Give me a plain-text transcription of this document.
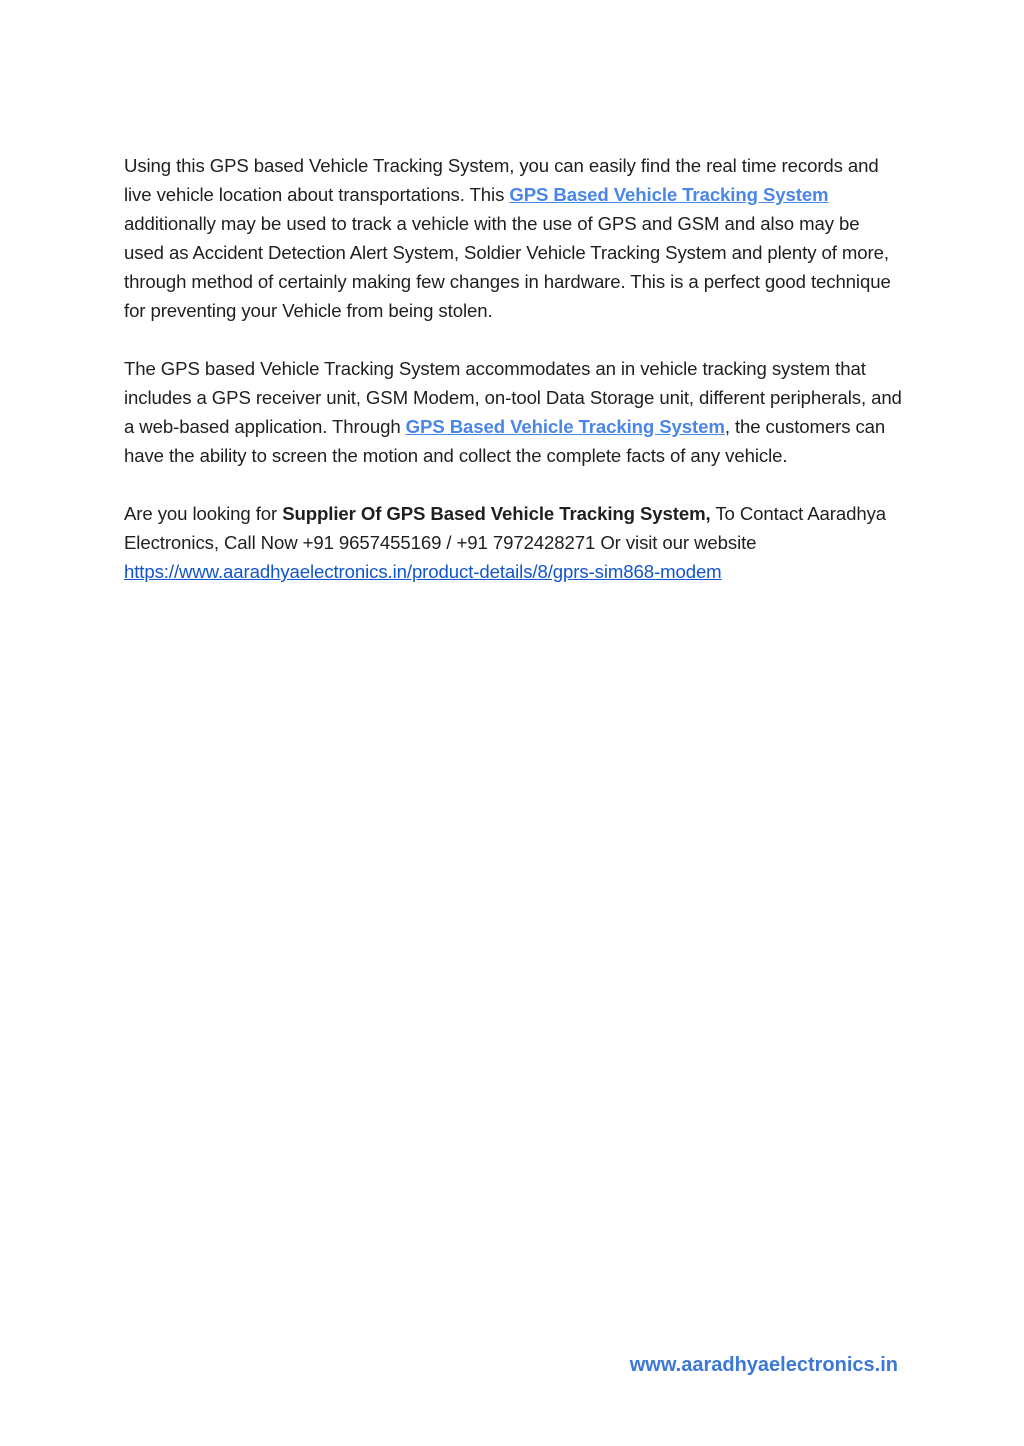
Using this GPS based Vehicle Tracking System, you can easily find the real time records and live vehicle location about transportations. This GPS Based Vehicle Tracking System additionally may be used to track a vehicle with the use of GPS and GSM and also may be used as Accident Detection Alert System, Soldier Vehicle Tracking System and plenty of more, through method of certainly making few changes in hardware. This is a perfect good technique for preventing your Vehicle from being stolen.

The GPS based Vehicle Tracking System accommodates an in vehicle tracking system that includes a GPS receiver unit, GSM Modem, on-tool Data Storage unit, different peripherals, and a web-based application. Through GPS Based Vehicle Tracking System, the customers can have the ability to screen the motion and collect the complete facts of any vehicle.

Are you looking for Supplier Of GPS Based Vehicle Tracking System, To Contact Aaradhya Electronics, Call Now +91 9657455169 / +91 7972428271 Or visit our website https://www.aaradhyaelectronics.in/product-details/8/gprs-sim868-modem

www.aaradhyaelectronics.in
